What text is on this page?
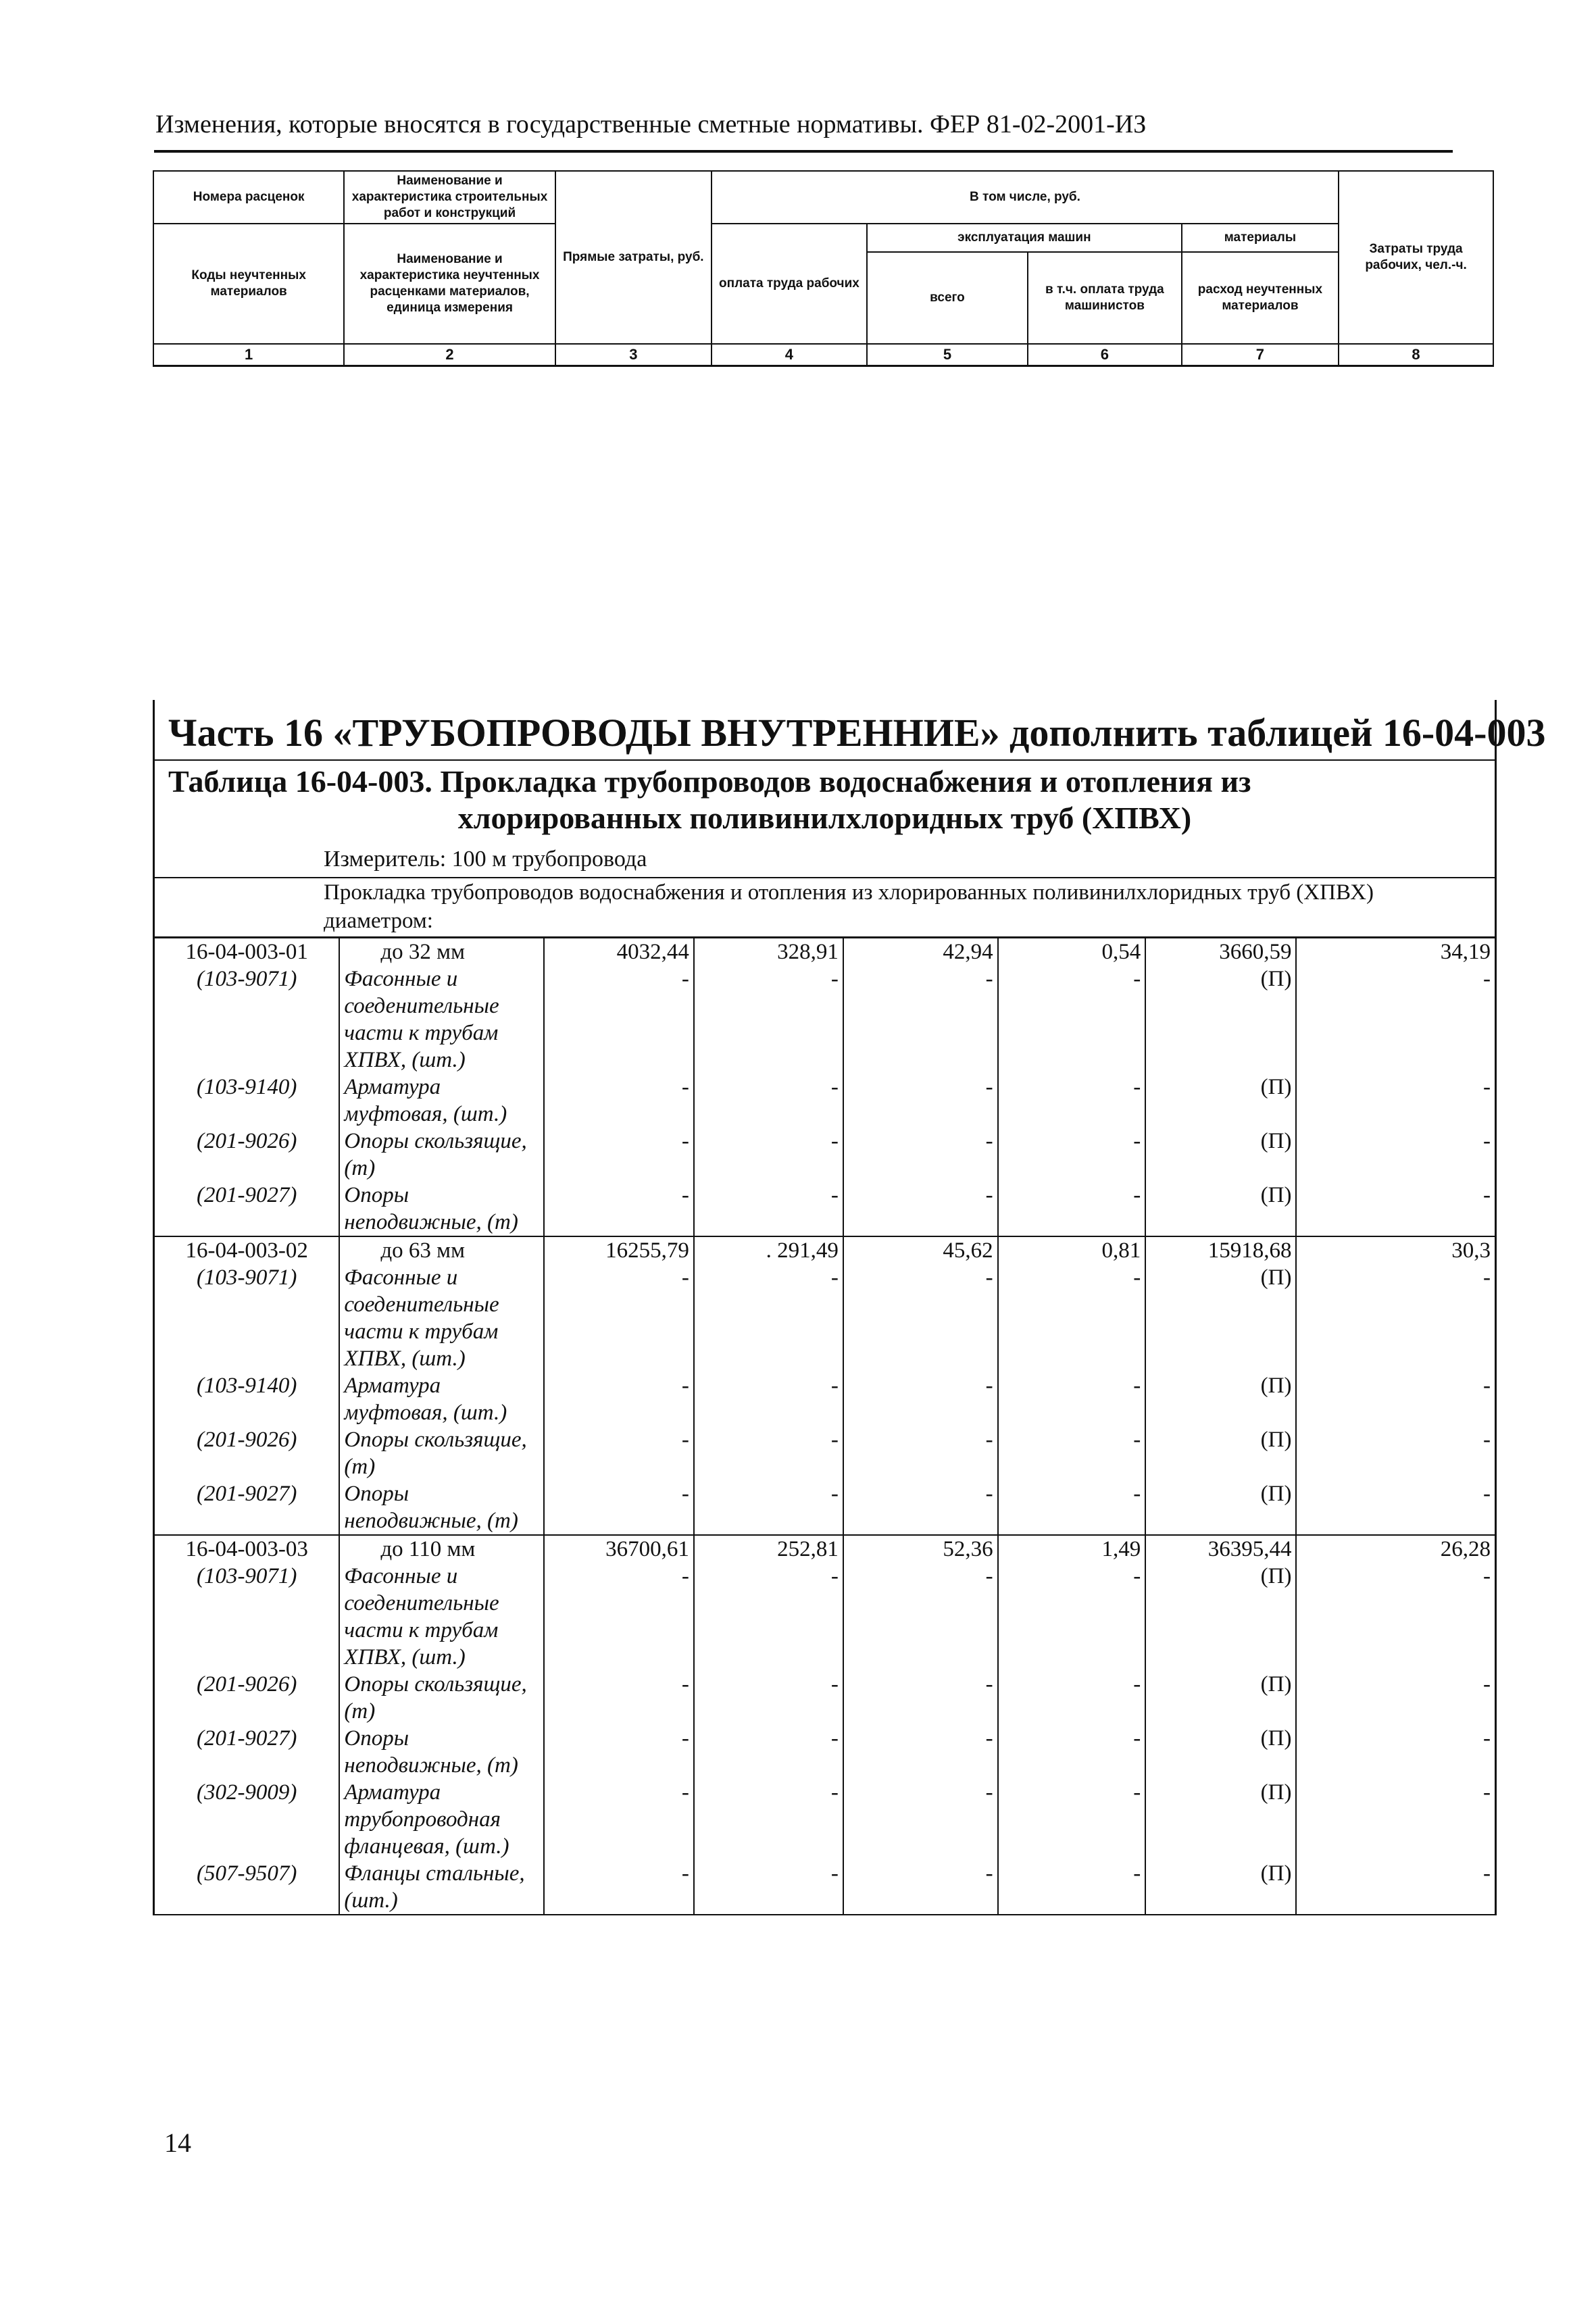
Изменения, которые вносятся в государственные сметные нормативы. ФЕР 81-02-2001-ИЗ
Номера расценок	Наименование и характеристика строительных работ и конструкций	Прямые затраты, руб.	В том числе, руб.				Затраты труда рабочих, чел.-ч.
Коды неучтенных материалов	Наименование и характеристика неучтенных расценками материалов, единица измерения		оплата труда рабочих	эксплуатация машин		материалы	
				всего	в т.ч. оплата труда машинистов	расход неучтенных материалов	

1	2	3	4	5	6	7	8
Часть 16 «ТРУБОПРОВОДЫ ВНУТРЕННИЕ» дополнить таблицей 16-04-003
Таблица 16-04-003. Прокладка трубопроводов водоснабжения и отопления из
хлорированных поливинилхлоридных труб (ХПВХ)
Измеритель: 100 м трубопровода
Прокладка трубопроводов водоснабжения и отопления из хлорированных поливинилхлоридных труб (ХПВХ) диаметром:
16-04-003-01	до 32 мм	4032,44	328,91	42,94	0,54	3660,59	34,19
(103-9071)	Фасонные и соеденительные	-	-	-	-	(П)	-
	части к трубам ХПВХ, (шт.)						
(103-9140)	Арматура муфтовая, (шт.)	-	-	-	-	(П)	-
(201-9026)	Опоры скользящие, (т)	-	-	-	-	(П)	-
(201-9027)	Опоры неподвижные, (т)	-	-	-	-	(П)	-
16-04-003-02	до 63 мм	16255,79	. 291,49	45,62	0,81	15918,68	30,3
(103-9071)	Фасонные и соеденительные	-	-	-	-	(П)	-
	части к трубам ХПВХ, (шт.)						
(103-9140)	Арматура муфтовая, (шт.)	-	-	-	-	(П)	-
(201-9026)	Опоры скользящие, (т)	-	-	-	-	(П)	-
(201-9027)	Опоры неподвижные, (т)	-	-	-	-	(П)	-
16-04-003-03	до 110 мм	36700,61	252,81	52,36	1,49	36395,44	26,28
(103-9071)	Фасонные и соеденительные	-	-	-	-	(П)	-
	части к трубам ХПВХ, (шт.)						
(201-9026)	Опоры скользящие, (т)	-	-	-	-	(П)	-
(201-9027)	Опоры неподвижные, (т)	-	-	-	-	(П)	-
(302-9009)	Арматура трубопроводная	-	-	-	-	(П)	-
	фланцевая, (шт.)						
(507-9507)	Фланцы стальные, (шт.)	-	-	-	-	(П)	-
14
